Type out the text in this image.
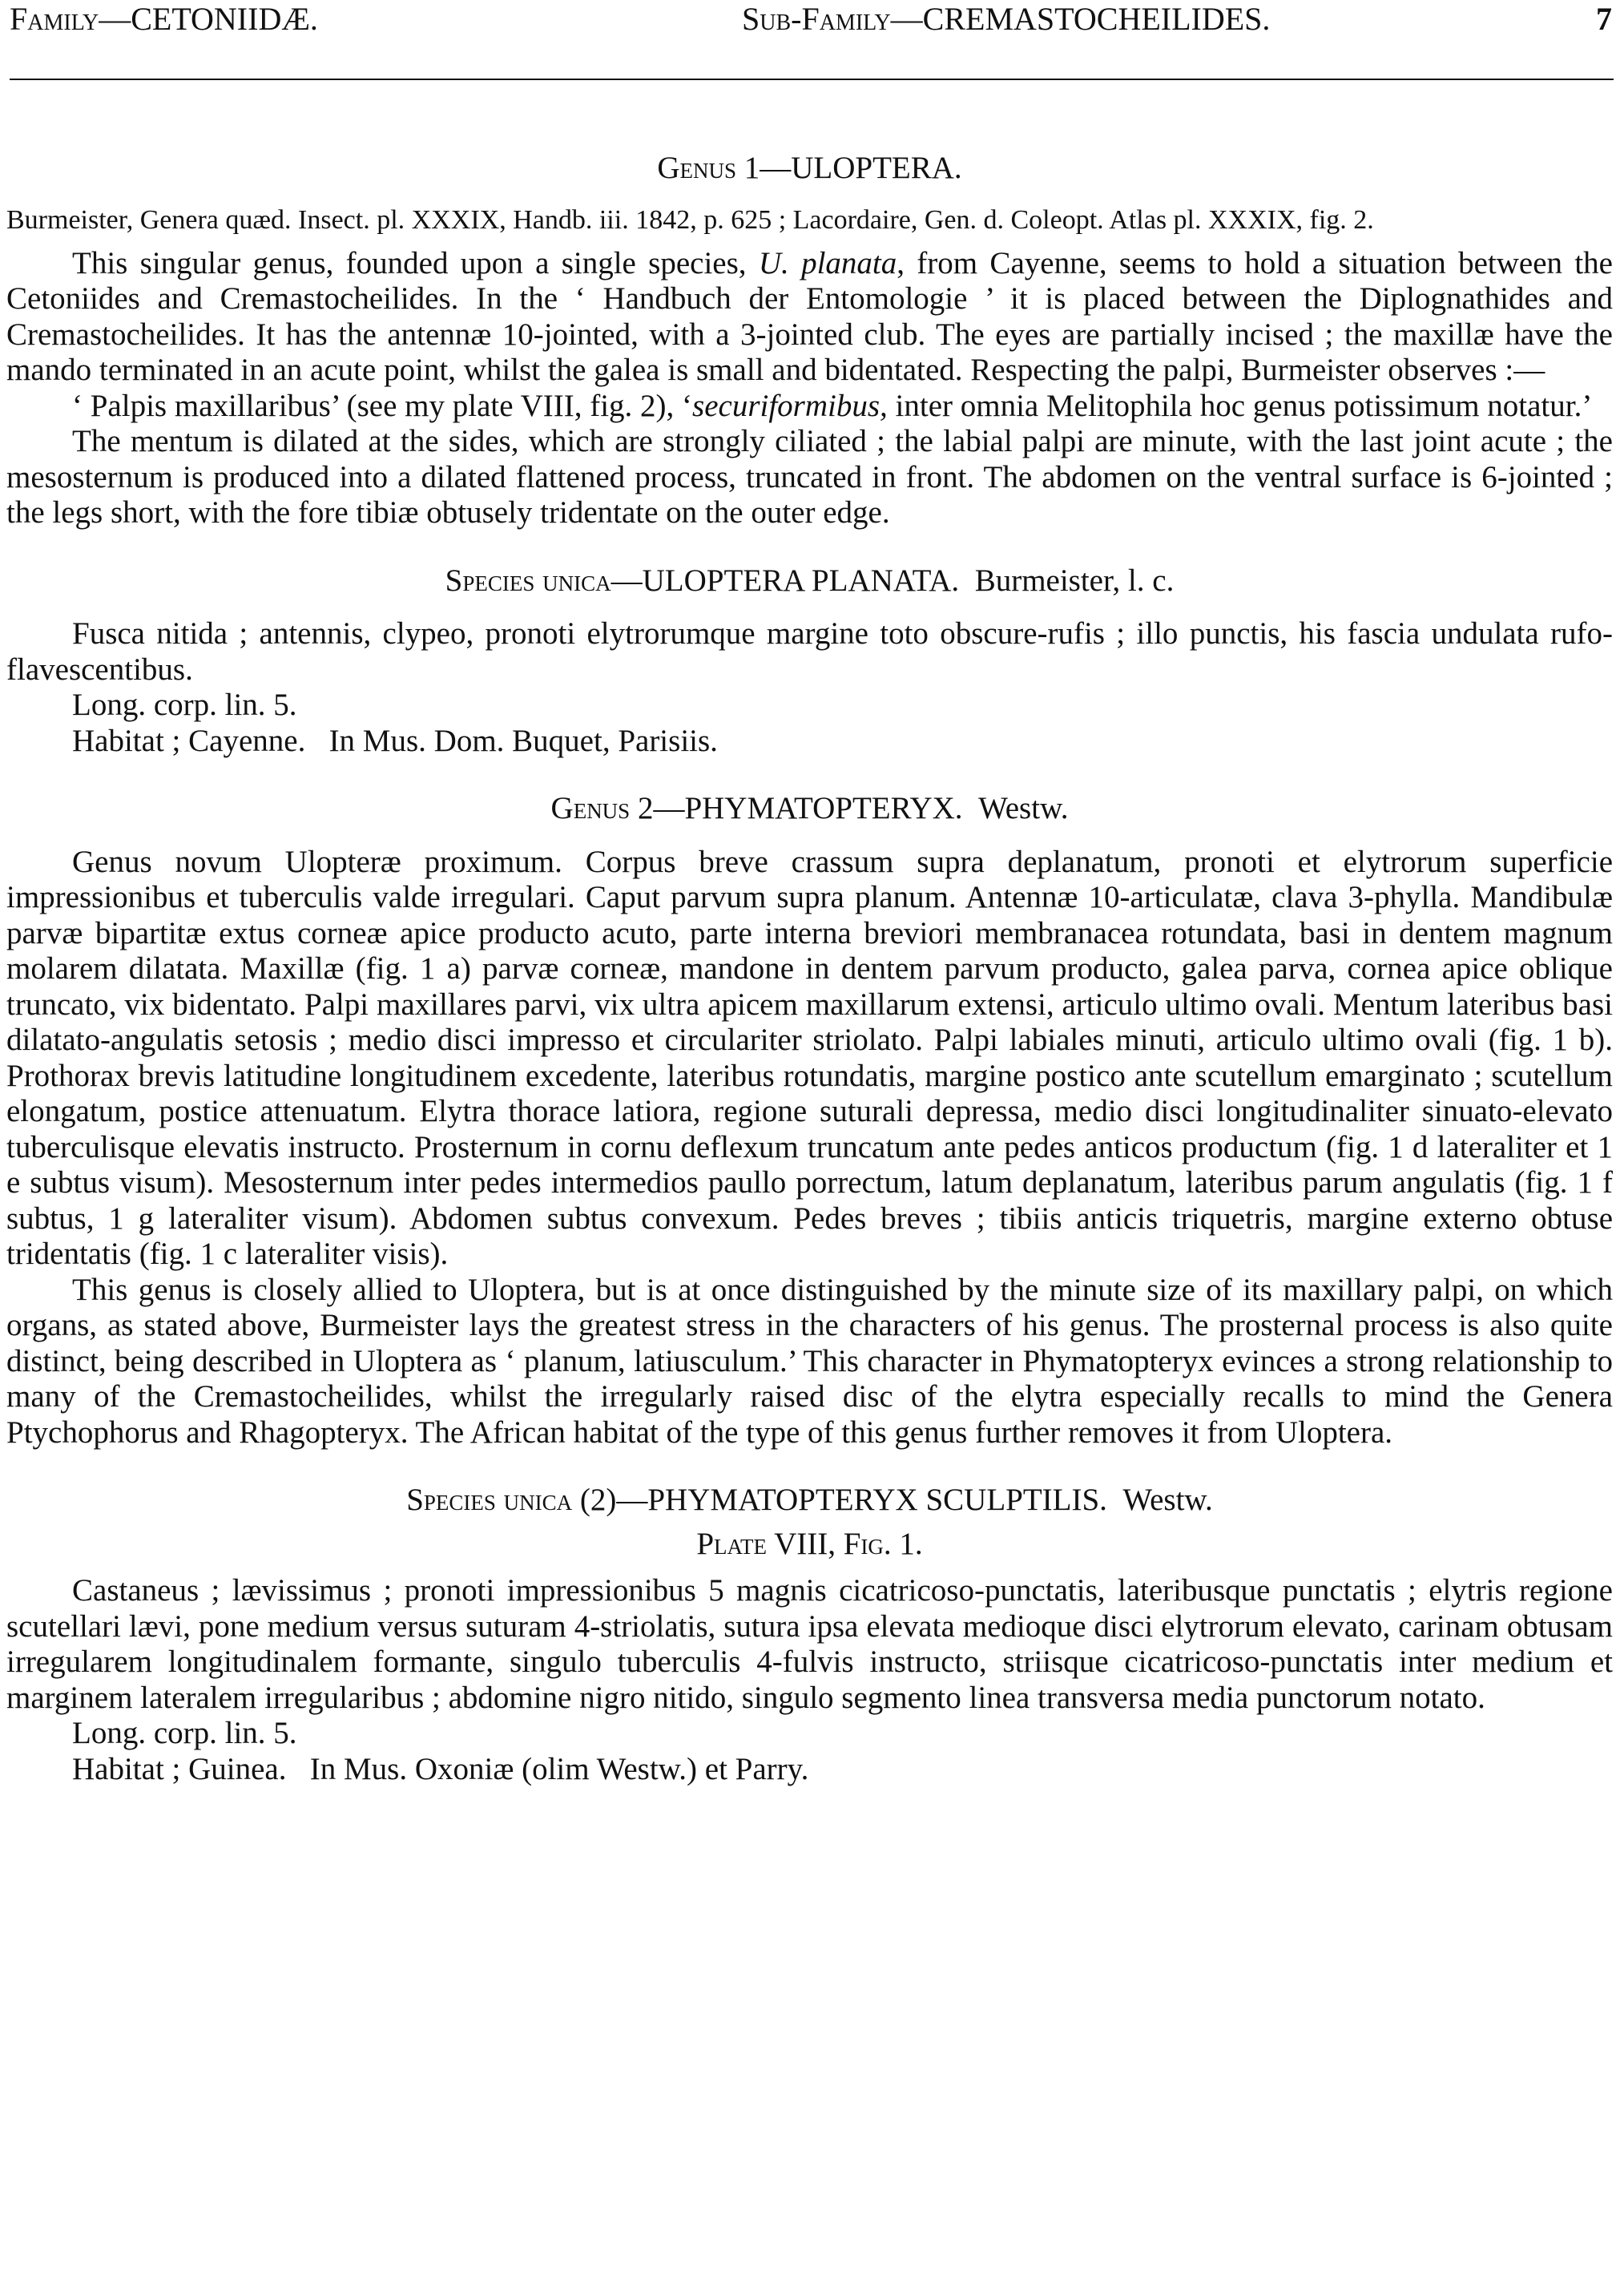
Family—CETONIIDÆ.	Sub-Family—CREMASTOCHEILIDES.	7
Genus 1—ULOPTERA.

Burmeister, Genera quæd. Insect. pl. XXXIX, Handb. iii. 1842, p. 625 ; Lacordaire, Gen. d. Coleopt. Atlas pl. XXXIX, fig. 2.

This singular genus, founded upon a single species, U. planata, from Cayenne, seems to hold a situation between the Cetoniides and Cremastocheilides. In the ‘ Handbuch der Entomologie ’ it is placed between the Diplognathides and Cremastocheilides. It has the antennæ 10-jointed, with a 3-jointed club. The eyes are partially incised ; the maxillæ have the mando terminated in an acute point, whilst the galea is small and bidentated. Respecting the palpi, Burmeister observes :—

‘ Palpis maxillaribus’ (see my plate VIII, fig. 2), ‘securiformibus, inter omnia Melitophila hoc genus potissimum notatur.’

The mentum is dilated at the sides, which are strongly ciliated ; the labial palpi are minute, with the last joint acute ; the mesosternum is produced into a dilated flattened process, truncated in front. The abdomen on the ventral surface is 6-jointed ; the legs short, with the fore tibiæ obtusely tridentate on the outer edge.

Species unica—ULOPTERA PLANATA. Burmeister, l. c.

Fusca nitida ; antennis, clypeo, pronoti elytrorumque margine toto obscure-rufis ; illo punctis, his fascia undulata rufo-flavescentibus.

Long. corp. lin. 5.
Habitat ; Cayenne.   In Mus. Dom. Buquet, Parisiis.
Genus 2—PHYMATOPTERYX. Westw.

Genus novum Ulopteræ proximum. Corpus breve crassum supra deplanatum, pronoti et elytrorum superficie impressionibus et tuberculis valde irregulari. Caput parvum supra planum. Antennæ 10-articulatæ, clava 3-phylla. Mandibulæ parvæ bipartitæ extus corneæ apice producto acuto, parte interna breviori membranacea rotundata, basi in dentem magnum molarem dilatata. Maxillæ (fig. 1 a) parvæ corneæ, mandone in dentem parvum producto, galea parva, cornea apice oblique truncato, vix bidentato. Palpi maxillares parvi, vix ultra apicem maxillarum extensi, articulo ultimo ovali. Mentum lateribus basi dilatato-angulatis setosis ; medio disci impresso et circulariter striolato. Palpi labiales minuti, articulo ultimo ovali (fig. 1 b). Prothorax brevis latitudine longitudinem excedente, lateribus rotundatis, margine postico ante scutellum emarginato ; scutellum elongatum, postice attenuatum. Elytra thorace latiora, regione suturali depressa, medio disci longitudinaliter sinuato-elevato tuberculisque elevatis instructo. Prosternum in cornu deflexum truncatum ante pedes anticos productum (fig. 1 d lateraliter et 1 e subtus visum). Mesosternum inter pedes intermedios paullo porrectum, latum deplanatum, lateribus parum angulatis (fig. 1 f subtus, 1 g lateraliter visum). Abdomen subtus convexum. Pedes breves ; tibiis anticis triquetris, margine externo obtuse tridentatis (fig. 1 c lateraliter visis).

This genus is closely allied to Uloptera, but is at once distinguished by the minute size of its maxillary palpi, on which organs, as stated above, Burmeister lays the greatest stress in the characters of his genus. The prosternal process is also quite distinct, being described in Uloptera as ‘ planum, latiusculum.’ This character in Phymatopteryx evinces a strong relationship to many of the Cremastocheilides, whilst the irregularly raised disc of the elytra especially recalls to mind the Genera Ptychophorus and Rhagopteryx. The African habitat of the type of this genus further removes it from Uloptera.

Species unica (2)—PHYMATOPTERYX SCULPTILIS. Westw.
Plate VIII, Fig. 1.

Castaneus ; lævissimus ; pronoti impressionibus 5 magnis cicatricoso-punctatis, lateribusque punctatis ; elytris regione scutellari lævi, pone medium versus suturam 4-striolatis, sutura ipsa elevata medioque disci elytrorum elevato, carinam obtusam irregularem longitudinalem formante, singulo tuberculis 4-fulvis instructo, striisque cicatricoso-punctatis inter medium et marginem lateralem irregularibus ; abdomine nigro nitido, singulo segmento linea transversa media punctorum notato.

Long. corp. lin. 5.
Habitat ; Guinea.   In Mus. Oxoniæ (olim Westw.) et Parry.
